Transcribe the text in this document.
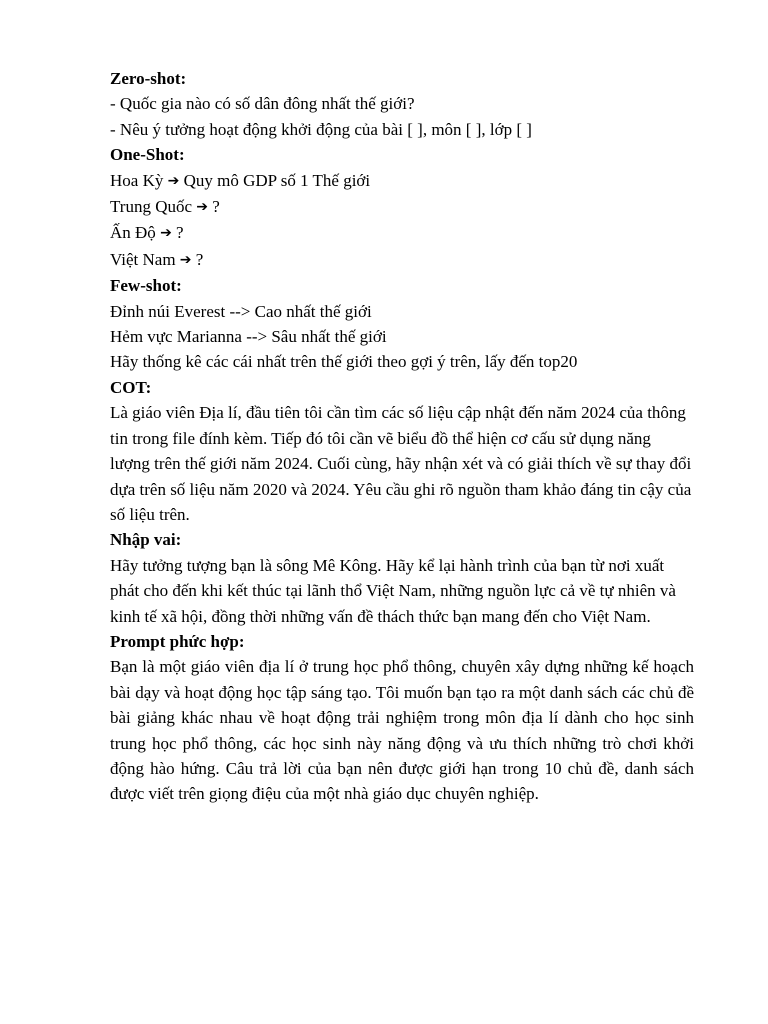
Zero-shot:
- Quốc gia nào có số dân đông nhất thế giới?
- Nêu ý tưởng hoạt động khởi động của bài [ ], môn [ ], lớp [ ]
One-Shot:
Hoa Kỳ ➔ Quy mô GDP số 1 Thế giới
Trung Quốc ➔ ?
Ấn Độ ➔ ?
Việt Nam ➔ ?
Few-shot:
Đỉnh núi Everest --> Cao nhất thế giới
Hẻm vực Marianna --> Sâu nhất thế giới
Hãy thống kê các cái nhất trên thế giới theo gợi ý trên, lấy đến top20
COT:

Là giáo viên Địa lí, đầu tiên tôi cần tìm các số liệu cập nhật đến năm 2024 của thông tin trong file đính kèm. Tiếp đó tôi cần vẽ biểu đồ thể hiện cơ cấu sử dụng năng lượng trên thế giới năm 2024. Cuối cùng, hãy nhận xét và có giải thích về sự thay đổi dựa trên số liệu năm 2020 và 2024. Yêu cầu ghi rõ nguồn tham khảo đáng tin cậy của số liệu trên.

Nhập vai:

Hãy tưởng tượng bạn là sông Mê Kông. Hãy kể lại hành trình của bạn từ nơi xuất phát cho đến khi kết thúc tại lãnh thổ Việt Nam, những nguồn lực cả về tự nhiên và kinh tế xã hội, đồng thời những vấn đề thách thức bạn mang đến cho Việt Nam.

Prompt phức hợp:

Bạn là một giáo viên địa lí ở trung học phổ thông, chuyên xây dựng những kế hoạch bài dạy và hoạt động học tập sáng tạo. Tôi muốn bạn tạo ra một danh sách các chủ đề bài giảng khác nhau về hoạt động trải nghiệm trong môn địa lí dành cho học sinh trung học phổ thông, các học sinh này năng động và ưu thích những trò chơi khởi động hào hứng. Câu trả lời của bạn nên được giới hạn trong 10 chủ đề, danh sách được viết trên giọng điệu của một nhà giáo dục chuyên nghiệp.
